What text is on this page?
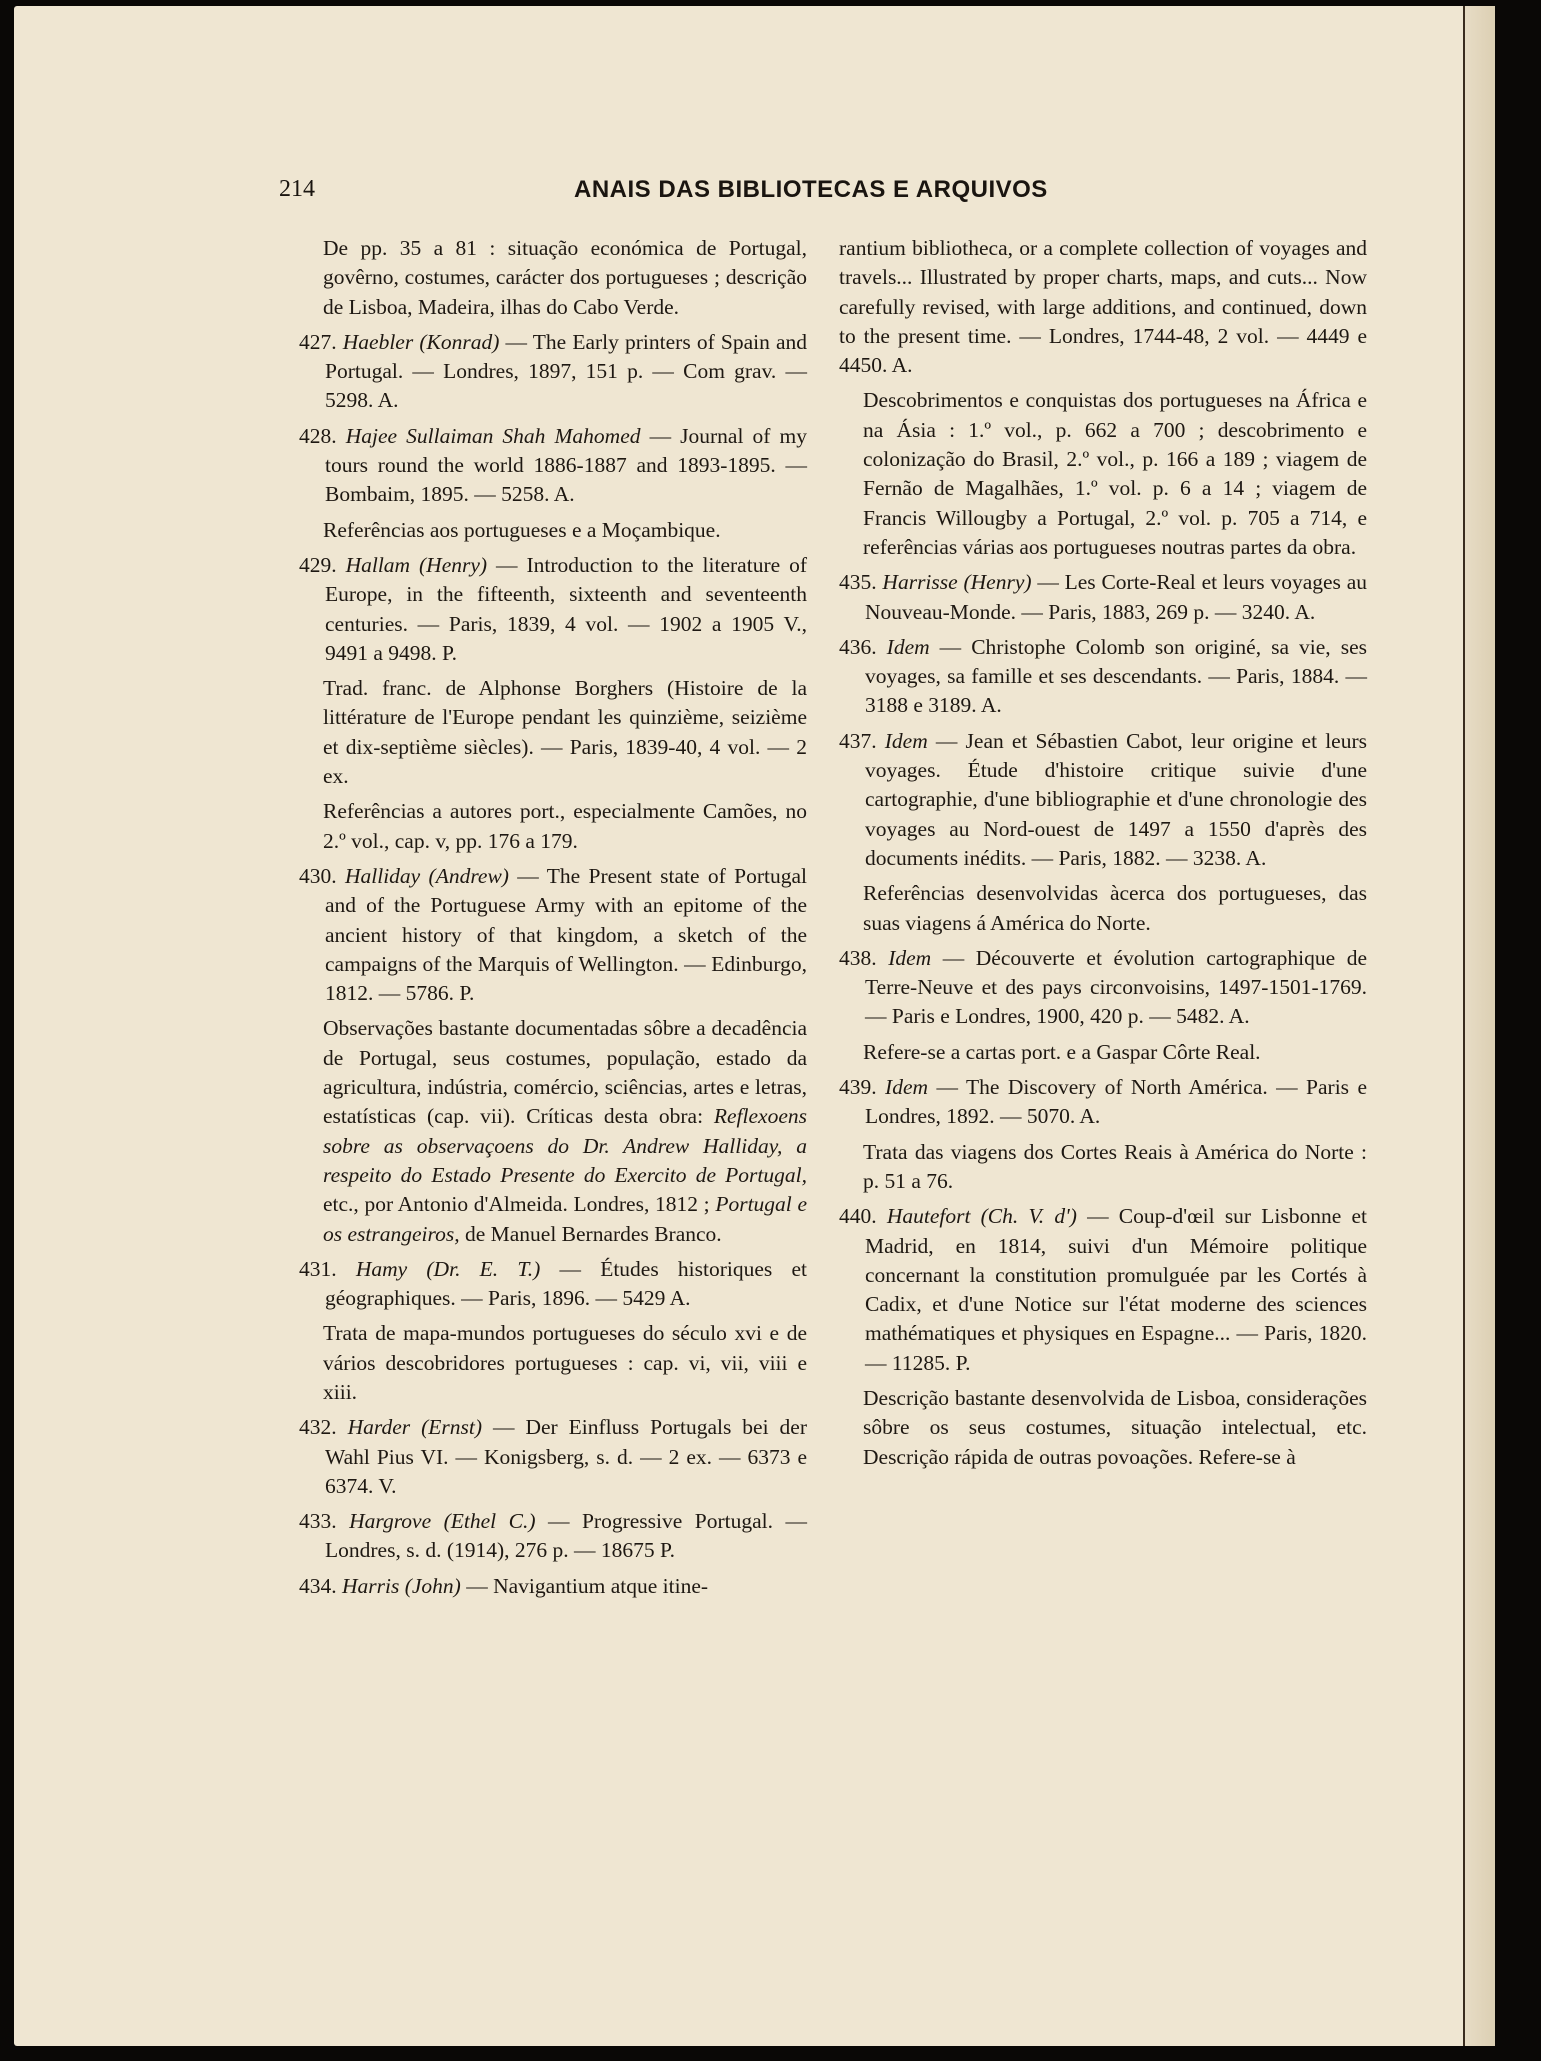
214	ANAIS DAS BIBLIOTECAS E ARQUIVOS

De pp. 35 a 81 : situação económica de Portugal, govêrno, costumes, carácter dos portugueses ; descrição de Lisboa, Madeira, ilhas do Cabo Verde.

427. Haebler (Konrad) — The Early printers of Spain and Portugal. — Londres, 1897, 151 p. — Com grav. — 5298. A.

428. Hajee Sullaiman Shah Mahomed — Journal of my tours round the world 1886-1887 and 1893-1895. — Bombaim, 1895. — 5258. A.

Referências aos portugueses e a Moçambique.

429. Hallam (Henry) — Introduction to the literature of Europe, in the fifteenth, sixteenth and seventeenth centuries. — Paris, 1839, 4 vol. — 1902 a 1905 V., 9491 a 9498. P.

Trad. franc. de Alphonse Borghers (Histoire de la littérature de l'Europe pendant les quinzième, seizième et dix-septième siècles). — Paris, 1839-40, 4 vol. — 2 ex.

Referências a autores port., especialmente Camões, no 2.º vol., cap. v, pp. 176 a 179.

430. Halliday (Andrew) — The Present state of Portugal and of the Portuguese Army with an epitome of the ancient history of that kingdom, a sketch of the campaigns of the Marquis of Wellington. — Edinburgo, 1812. — 5786. P.

Observações bastante documentadas sôbre a decadência de Portugal, seus costumes, população, estado da agricultura, indústria, comércio, sciências, artes e letras, estatísticas (cap. vii). Críticas desta obra: Reflexoens sobre as observaçoens do Dr. Andrew Halliday, a respeito do Estado Presente do Exercito de Portugal, etc., por Antonio d'Almeida. Londres, 1812 ; Portugal e os estrangeiros, de Manuel Bernardes Branco.

431. Hamy (Dr. E. T.) — Études historiques et géographiques. — Paris, 1896. — 5429 A.

Trata de mapa-mundos portugueses do século xvi e de vários descobridores portugueses : cap. vi, vii, viii e xiii.

432. Harder (Ernst) — Der Einfluss Portugals bei der Wahl Pius VI. — Konigsberg, s. d. — 2 ex. — 6373 e 6374. V.

433. Hargrove (Ethel C.) — Progressive Portugal. — Londres, s. d. (1914), 276 p. — 18675 P.

434. Harris (John) — Navigantium atque itine-

rantium bibliotheca, or a complete collection of voyages and travels... Illustrated by proper charts, maps, and cuts... Now carefully revised, with large additions, and continued, down to the present time. — Londres, 1744-48, 2 vol. — 4449 e 4450. A.

Descobrimentos e conquistas dos portugueses na África e na Ásia : 1.º vol., p. 662 a 700 ; descobrimento e colonização do Brasil, 2.º vol., p. 166 a 189 ; viagem de Fernão de Magalhães, 1.º vol. p. 6 a 14 ; viagem de Francis Willougby a Portugal, 2.º vol. p. 705 a 714, e referências várias aos portugueses noutras partes da obra.

435. Harrisse (Henry) — Les Corte-Real et leurs voyages au Nouveau-Monde. — Paris, 1883, 269 p. — 3240. A.

436. Idem — Christophe Colomb son originé, sa vie, ses voyages, sa famille et ses descendants. — Paris, 1884. — 3188 e 3189. A.

437. Idem — Jean et Sébastien Cabot, leur origine et leurs voyages. Étude d'histoire critique suivie d'une cartographie, d'une bibliographie et d'une chronologie des voyages au Nord-ouest de 1497 a 1550 d'après des documents inédits. — Paris, 1882. — 3238. A.

Referências desenvolvidas àcerca dos portugueses, das suas viagens á América do Norte.

438. Idem — Découverte et évolution cartographique de Terre-Neuve et des pays circonvoisins, 1497-1501-1769. — Paris e Londres, 1900, 420 p. — 5482. A.

Refere-se a cartas port. e a Gaspar Côrte Real.

439. Idem — The Discovery of North América. — Paris e Londres, 1892. — 5070. A.

Trata das viagens dos Cortes Reais à América do Norte : p. 51 a 76.

440. Hautefort (Ch. V. d') — Coup-d'œil sur Lisbonne et Madrid, en 1814, suivi d'un Mémoire politique concernant la constitution promulguée par les Cortés à Cadix, et d'une Notice sur l'état moderne des sciences mathématiques et physiques en Espagne... — Paris, 1820. — 11285. P.

Descrição bastante desenvolvida de Lisboa, considerações sôbre os seus costumes, situação intelectual, etc. Descrição rápida de outras povoações. Refere-se à
